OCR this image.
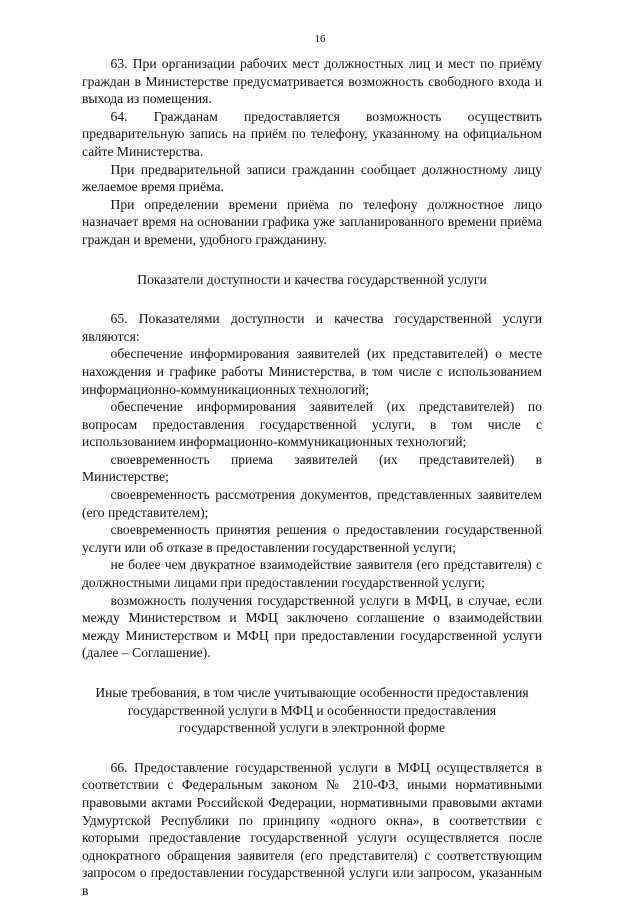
16

63. При организации рабочих мест должностных лиц и мест по приёму граждан в Министерстве предусматривается возможность свободного входа и выхода из помещения.

64. Гражданам предоставляется возможность осуществить предварительную запись на приём по телефону, указанному на официальном сайте Министерства.

При предварительной записи гражданин сообщает должностному лицу желаемое время приёма.

При определении времени приёма по телефону должностное лицо назначает время на основании графика уже запланированного времени приёма граждан и времени, удобного гражданину.

Показатели доступности и качества государственной услуги

65. Показателями доступности и качества государственной услуги являются:

обеспечение информирования заявителей (их представителей) о месте нахождения и графике работы Министерства, в том числе с использованием информационно-коммуникационных технологий;

обеспечение информирования заявителей (их представителей) по вопросам предоставления государственной услуги, в том числе с использованием информационно-коммуникационных технологий;

своевременность приема заявителей (их представителей) в Министерстве;

своевременность рассмотрения документов, представленных заявителем (его представителем);

своевременность принятия решения о предоставлении государственной услуги или об отказе в предоставлении государственной услуги;

не более чем двукратное взаимодействие заявителя (его представителя) с должностными лицами при предоставлении государственной услуги;

возможность получения государственной услуги в МФЦ, в случае, если между Министерством и МФЦ заключено соглашение о взаимодействии между Министерством и МФЦ при предоставлении государственной услуги (далее – Соглашение).

Иные требования, в том числе учитывающие особенности предоставления

государственной услуги в МФЦ и особенности предоставления

государственной услуги в электронной форме

66. Предоставление государственной услуги в МФЦ осуществляется в соответствии с Федеральным законом № 210-ФЗ, иными нормативными правовыми актами Российской Федерации, нормативными правовыми актами Удмуртской Республики по принципу «одного окна», в соответствии с которыми предоставление государственной услуги осуществляется после однократного обращения заявителя (его представителя) с соответствующим запросом о предоставлении государственной услуги или запросом, указанным в
